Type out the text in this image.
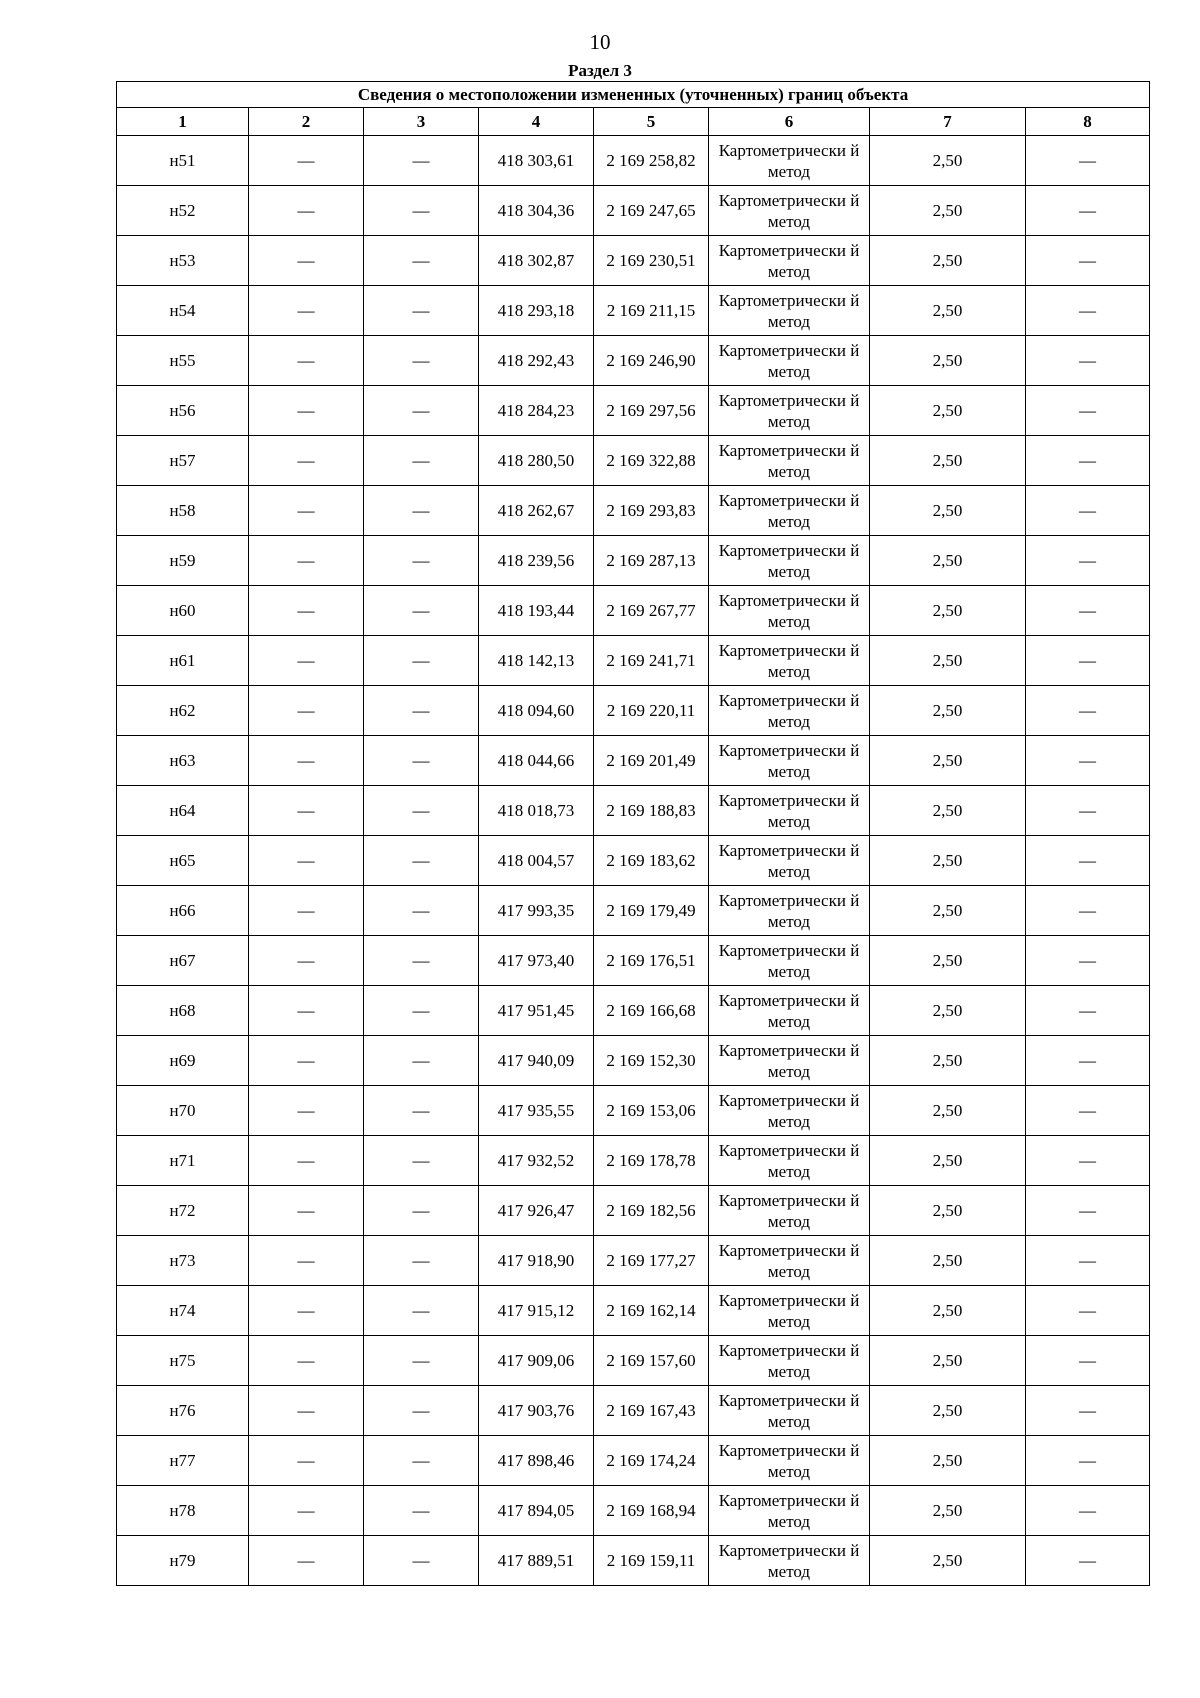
10
Раздел 3
Сведения о местоположении измененных (уточненных) границ объекта							
1	2	3	4	5	6	7	8
н51	—	—	418 303,61	2 169 258,82	Картометрически й метод	2,50	—
н52	—	—	418 304,36	2 169 247,65	Картометрически й метод	2,50	—
н53	—	—	418 302,87	2 169 230,51	Картометрически й метод	2,50	—
н54	—	—	418 293,18	2 169 211,15	Картометрически й метод	2,50	—
н55	—	—	418 292,43	2 169 246,90	Картометрически й метод	2,50	—
н56	—	—	418 284,23	2 169 297,56	Картометрически й метод	2,50	—
н57	—	—	418 280,50	2 169 322,88	Картометрически й метод	2,50	—
н58	—	—	418 262,67	2 169 293,83	Картометрически й метод	2,50	—
н59	—	—	418 239,56	2 169 287,13	Картометрически й метод	2,50	—
н60	—	—	418 193,44	2 169 267,77	Картометрически й метод	2,50	—
н61	—	—	418 142,13	2 169 241,71	Картометрически й метод	2,50	—
н62	—	—	418 094,60	2 169 220,11	Картометрически й метод	2,50	—
н63	—	—	418 044,66	2 169 201,49	Картометрически й метод	2,50	—
н64	—	—	418 018,73	2 169 188,83	Картометрически й метод	2,50	—
н65	—	—	418 004,57	2 169 183,62	Картометрически й метод	2,50	—
н66	—	—	417 993,35	2 169 179,49	Картометрически й метод	2,50	—
н67	—	—	417 973,40	2 169 176,51	Картометрически й метод	2,50	—
н68	—	—	417 951,45	2 169 166,68	Картометрически й метод	2,50	—
н69	—	—	417 940,09	2 169 152,30	Картометрически й метод	2,50	—
н70	—	—	417 935,55	2 169 153,06	Картометрически й метод	2,50	—
н71	—	—	417 932,52	2 169 178,78	Картометрически й метод	2,50	—
н72	—	—	417 926,47	2 169 182,56	Картометрически й метод	2,50	—
н73	—	—	417 918,90	2 169 177,27	Картометрически й метод	2,50	—
н74	—	—	417 915,12	2 169 162,14	Картометрически й метод	2,50	—
н75	—	—	417 909,06	2 169 157,60	Картометрически й метод	2,50	—
н76	—	—	417 903,76	2 169 167,43	Картометрически й метод	2,50	—
н77	—	—	417 898,46	2 169 174,24	Картометрически й метод	2,50	—
н78	—	—	417 894,05	2 169 168,94	Картометрически й метод	2,50	—
н79	—	—	417 889,51	2 169 159,11	Картометрически й метод	2,50	—
